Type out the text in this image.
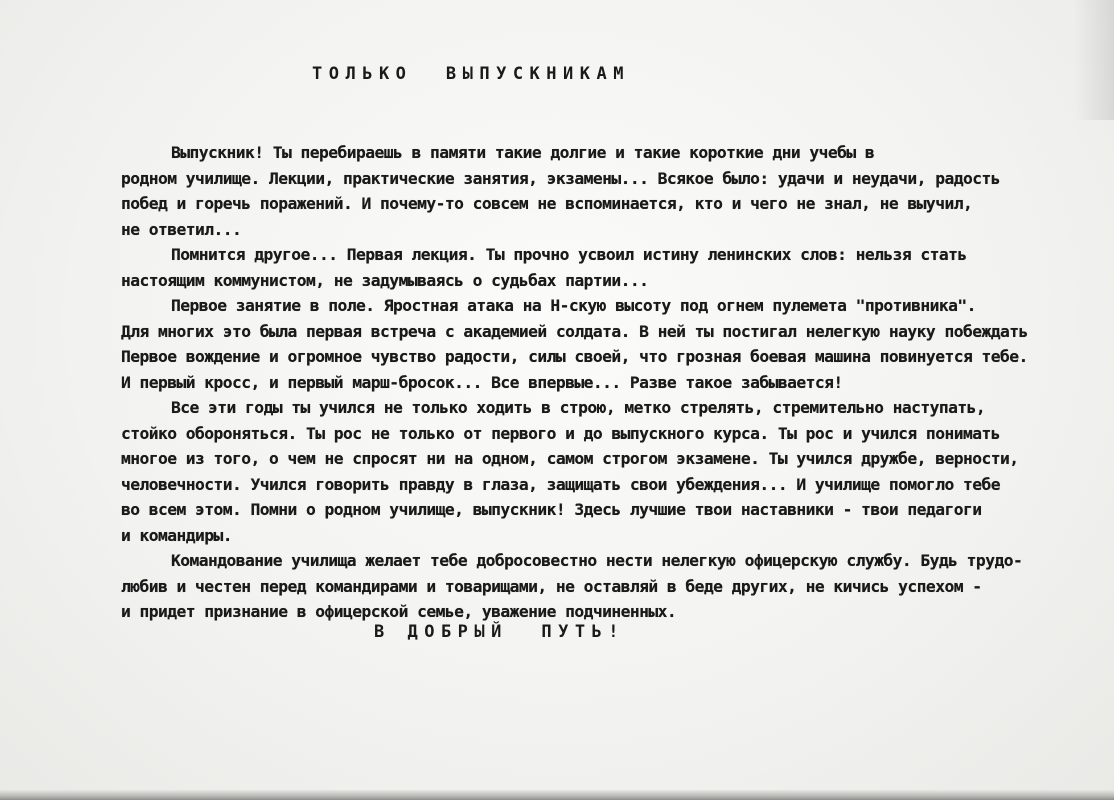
ТОЛЬКО  ВЫПУСКНИКАМ
Выпускник! Ты перебираешь в памяти такие долгие и такие короткие дни учебы в
родном училище. Лекции, практические занятия, экзамены... Всякое было: удачи и неудачи, радость
побед и горечь поражений. И почему-то совсем не вспоминается, кто и чего не знал, не выучил,
не ответил...
Помнится другое... Первая лекция. Ты прочно усвоил истину ленинских слов: нельзя стать
настоящим коммунистом, не задумываясь о судьбах партии...
Первое занятие в поле. Яростная атака на Н-скую высоту под огнем пулемета "противника".
Для многих это была первая встреча с академией солдата. В ней ты постигал нелегкую науку побеждать
Первое вождение и огромное чувство радости, силы своей, что грозная боевая машина повинуется тебе.
И первый кросс, и первый марш-бросок... Все впервые... Разве такое забывается!
Все эти годы ты учился не только ходить в строю, метко стрелять, стремительно наступать,
стойко обороняться. Ты рос не только от первого и до выпускного курса. Ты рос и учился понимать
многое из того, о чем не спросят ни на одном, самом строгом экзамене. Ты учился дружбе, верности,
человечности. Учился говорить правду в глаза, защищать свои убеждения... И училище помогло тебе
во всем этом. Помни о родном училище, выпускник! Здесь лучшие твои наставники - твои педагоги
и командиры.
Командование училища желает тебе добросовестно нести нелегкую офицерскую службу. Будь трудо-
любив и честен перед командирами и товарищами, не оставляй в беде других, не кичись успехом -
и придет признание в офицерской семье, уважение подчиненных.
В ДОБРЫЙ  ПУТЬ!
